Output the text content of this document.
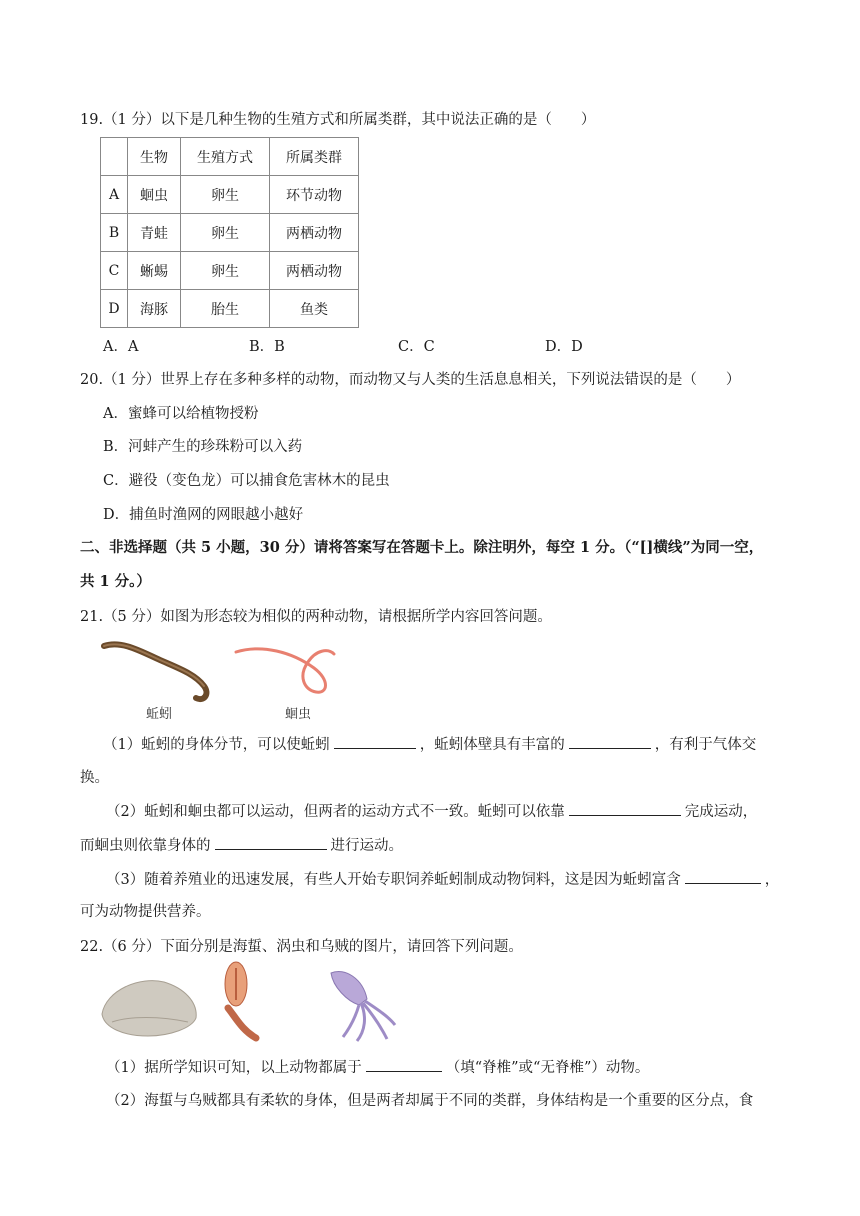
19.（1 分）以下是几种生物的生殖方式和所属类群，其中说法正确的是（　　）
	生物	生殖方式	所属类群
A	蛔虫	卵生	环节动物
B	青蛙	卵生	两栖动物
C	蜥蜴	卵生	两栖动物
D	海豚	胎生	鱼类
A．A	B．B	C．C	D．D
20.（1 分）世界上存在多种多样的动物，而动物又与人类的生活息息相关，下列说法错误的是（　　）
A．蜜蜂可以给植物授粉
B．河蚌产生的珍珠粉可以入药
C．避役（变色龙）可以捕食危害林木的昆虫
D．捕鱼时渔网的网眼越小越好
二、非选择题（共 5 小题，30 分）请将答案写在答题卡上。除注明外，每空 1 分。（“[]横线”为同一空，
共 1 分。）
21.（5 分）如图为形态较为相似的两种动物，请根据所学内容回答问题。
蚯蚓	蛔虫
（1）蚯蚓的身体分节，可以使蚯蚓	，蚯蚓体壁具有丰富的	，有利于气体交
换。
（2）蚯蚓和蛔虫都可以运动，但两者的运动方式不一致。蚯蚓可以依靠	完成运动，
而蛔虫则依靠身体的	进行运动。
（3）随着养殖业的迅速发展，有些人开始专职饲养蚯蚓制成动物饲料，这是因为蚯蚓富含	，
可为动物提供营养。
22.（6 分）下面分别是海蜇、涡虫和乌贼的图片，请回答下列问题。
（1）据所学知识可知，以上动物都属于	（填“脊椎”或“无脊椎”）动物。
（2）海蜇与乌贼都具有柔软的身体，但是两者却属于不同的类群，身体结构是一个重要的区分点，食
